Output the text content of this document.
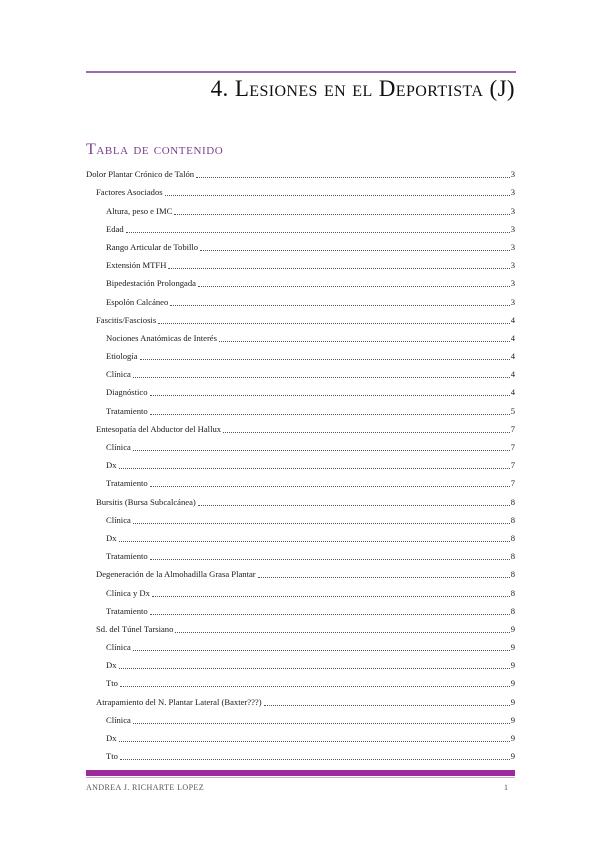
4. Lesiones en el Deportista (J)
Tabla de contenido
Dolor Plantar Crónico de Talón	3
Factores Asociados	3
Altura, peso e IMC	3
Edad	3
Rango Articular de Tobillo	3
Extensión MTFH	3
Bipedestación Prolongada	3
Espolón Calcáneo	3
Fascitis/Fasciosis	4
Nociones Anatómicas de Interés	4
Etiología	4
Clínica	4
Diagnóstico	4
Tratamiento	5
Entesopatía del Abductor del Hallux	7
Clínica	7
Dx	7
Tratamiento	7
Bursitis (Bursa Subcalcánea)	8
Clínica	8
Dx	8
Tratamiento	8
Degeneración de la Almohadilla Grasa Plantar	8
Clínica y Dx	8
Tratamiento	8
Sd. del Túnel Tarsiano	9
Clínica	9
Dx	9
Tto	9
Atrapamiento del N. Plantar Lateral (Baxter???)	9
Clínica	9
Dx	9
Tto	9
ANDREA J. RICHARTE LOPEZ	1
